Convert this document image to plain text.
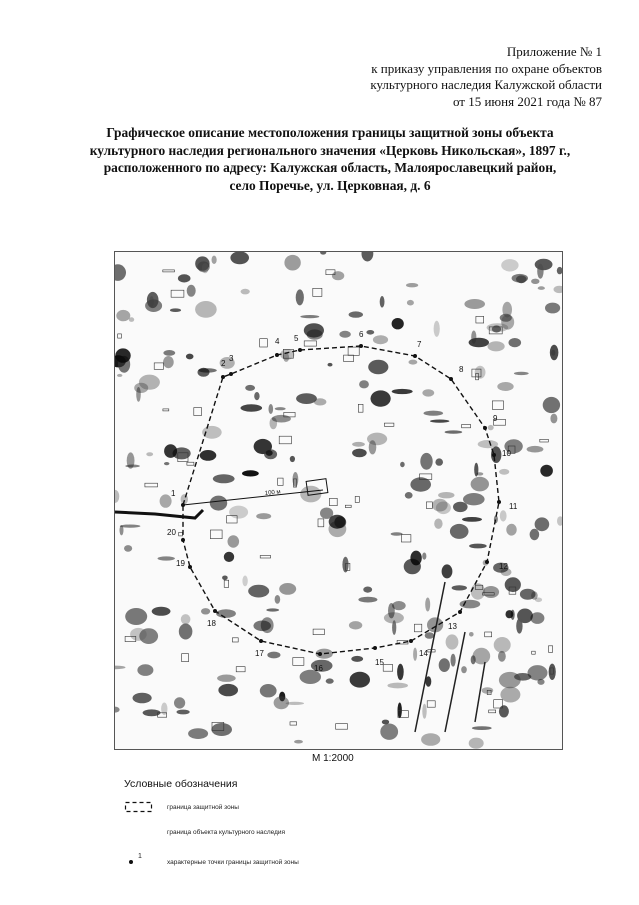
Приложение № 1
к приказу управления по охране объектов
культурного наследия Калужской области
от 15 июня 2021 года № 87
Графическое описание местоположения границы защитной зоны объекта
культурного наследия регионального значения «Церковь Никольская», 1897 г.,
расположенного по адресу: Калужская область, Малоярославецкий район,
село Поречье, ул. Церковная, д. 6
100 м
1
2
3
4 5	6
7
8
9
10
11
12
13
14
15
16
17
18
19
20
М 1:2000
Условные обозначения
граница защитной зоны
граница объекта культурного наследия
1
характерные точки границы защитной зоны
